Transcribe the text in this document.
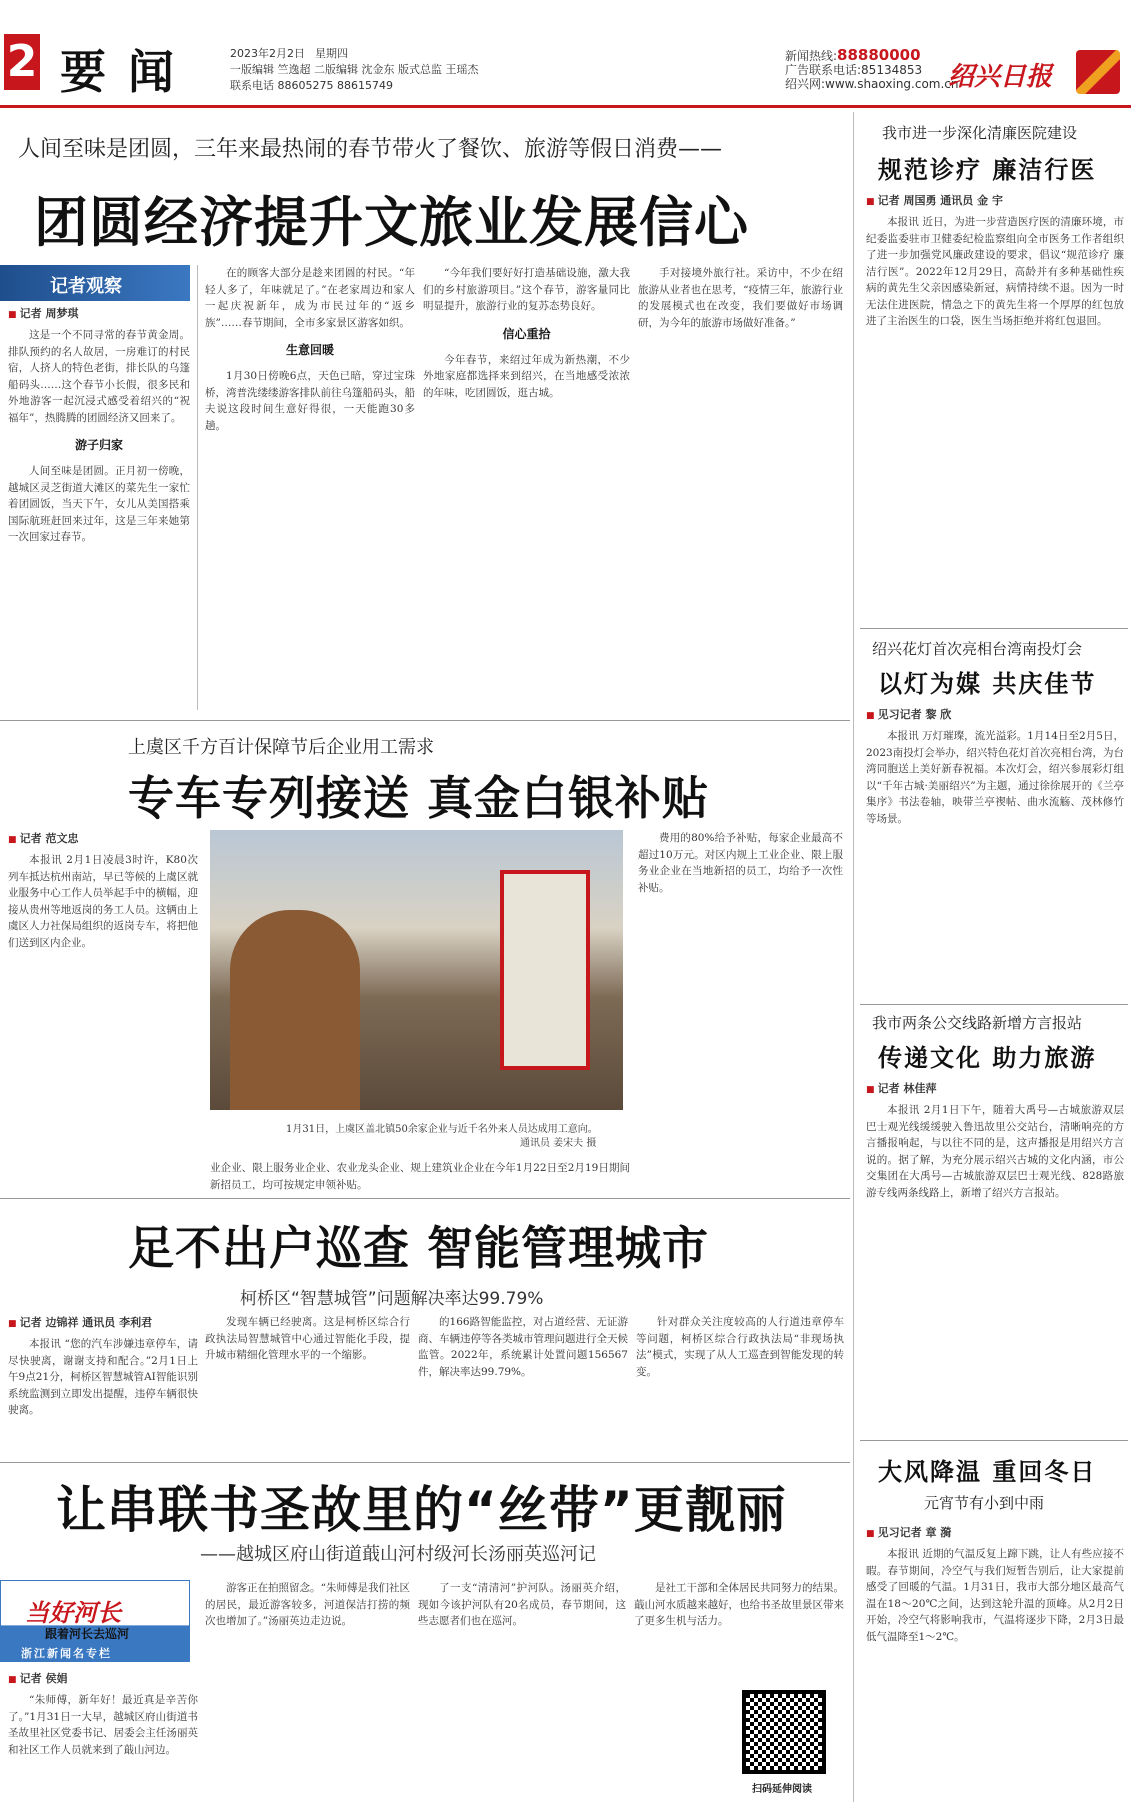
2 要闻	2023年2月2日 星期四
一版编辑 竺逸超 二版编辑 沈金东 版式总监 王瑶杰
联系电话 88605275 88615749
新闻热线:88880000
广告联系电话:85134853
绍兴网:www.shaoxing.com.cn
绍兴日报
人间至味是团圆，三年来最热闹的春节带火了餐饮、旅游等假日消费——
团圆经济提升文旅业发展信心
记者观察
■ 记者 周梦琪
这是一个不同寻常的春节黄金周。排队预约的名人故居，一房难订的村民宿，人挤人的特色老街，排长队的乌篷船码头……这个春节小长假，很多民和外地游客一起沉浸式感受着绍兴的“祝福年”，热腾腾的团圆经济又回来了。
游子归家
人间至味是团圆。正月初一傍晚，越城区灵芝街道大滩区的菜先生一家忙着团圆饭，当天下午，女儿从美国搭乘国际航班赶回来过年，这是三年来她第一次回家过春节。
在的顾客大部分是趁来团圆的村民。“年轻人多了，年味就足了。”在老家周边和家人一起庆祝新年，成为市民过年的“返乡族”……春节期间，全市多家景区游客如织。
生意回暖
1月30日傍晚6点，天色已暗，穿过宝珠桥，湾普洗缕缕游客排队前往乌篷船码头，船夫说这段时间生意好得很，一天能跑30多趟。
“今年我们要好好打造基础设施，激大我们的乡村旅游项目。”这个春节，游客量同比明显提升，旅游行业的复苏态势良好。
信心重拾
今年春节，来绍过年成为新热潮，不少外地家庭都选择来到绍兴，在当地感受浓浓的年味，吃团圆饭，逛古城。
手对接境外旅行社。采访中，不少在绍旅游从业者也在思考，“疫情三年，旅游行业的发展模式也在改变，我们要做好市场调研，为今年的旅游市场做好准备。”
上虞区千方百计保障节后企业用工需求
专车专列接送 真金白银补贴
■ 记者 范文忠
本报讯 2月1日凌晨3时许，K80次列车抵达杭州南站，早已等候的上虞区就业服务中心工作人员举起手中的横幅，迎接从贵州等地返岗的务工人员。这辆由上虞区人力社保局组织的返岗专车，将把他们送到区内企业。
1月31日，上虞区盖北镇50余家企业与近千名外来人员达成用工意向。
通讯员 姜宋夫 摄
业企业、限上服务业企业、农业龙头企业、规上建筑业企业在今年1月22日至2月19日期间新招员工，均可按规定申领补贴。
费用的80%给予补贴，每家企业最高不超过10万元。对区内规上工业企业、限上服务业企业在当地新招的员工，均给予一次性补贴。
足不出户巡查 智能管理城市
柯桥区“智慧城管”问题解决率达99.79%
■ 记者 边锦祥 通讯员 李利君
本报讯 “您的汽车涉嫌违章停车，请尽快驶离，谢谢支持和配合。”2月1日上午9点21分，柯桥区智慧城管AI智能识别系统监测到立即发出提醒，违停车辆很快驶离。
发现车辆已经驶离。这是柯桥区综合行政执法局智慧城管中心通过智能化手段，提升城市精细化管理水平的一个缩影。
的166路智能监控，对占道经营、无证游商、车辆违停等各类城市管理问题进行全天候监管。2022年，系统累计处置问题156567件，解决率达99.79%。
针对群众关注度较高的人行道违章停车等问题，柯桥区综合行政执法局“非现场执法”模式，实现了从人工巡查到智能发现的转变。
让串联书圣故里的“丝带”更靓丽
——越城区府山街道蕺山河村级河长汤丽英巡河记
当好河长
跟着河长去巡河
浙江新闻名专栏
■ 记者 侯娟
“朱师傅，新年好！最近真是辛苦你了。”1月31日一大早，越城区府山街道书圣故里社区党委书记、居委会主任汤丽英和社区工作人员就来到了蕺山河边。
游客正在拍照留念。“朱师傅是我们社区的居民，最近游客较多，河道保洁打捞的频次也增加了。”汤丽英边走边说。
了一支“清清河”护河队。汤丽英介绍，现如今该护河队有20名成员，春节期间，这些志愿者们也在巡河。
是社工干部和全体居民共同努力的结果。蕺山河水质越来越好，也给书圣故里景区带来了更多生机与活力。
扫码延伸阅读
我市进一步深化清廉医院建设
规范诊疗 廉洁行医
■ 记者 周国勇 通讯员 金 宇
本报讯 近日，为进一步营造医疗医的清廉环境，市纪委监委驻市卫健委纪检监察组向全市医务工作者组织了进一步加强党风廉政建设的要求，倡议“规范诊疗 廉洁行医”。2022年12月29日，高龄并有多种基础性疾病的黄先生父亲因感染新冠，病情持续不退。因为一时无法住进医院，情急之下的黄先生将一个厚厚的红包放进了主治医生的口袋，医生当场拒绝并将红包退回。
绍兴花灯首次亮相台湾南投灯会
以灯为媒 共庆佳节
■ 见习记者 黎 欣
本报讯 万灯璀璨，流光溢彩。1月14日至2月5日，2023南投灯会举办，绍兴特色花灯首次亮相台湾，为台湾同胞送上美好新春祝福。本次灯会，绍兴参展彩灯组以“千年古城·美丽绍兴”为主题，通过徐徐展开的《兰亭集序》书法卷轴，映带兰亭禊帖、曲水流觞、茂林修竹等场景。
我市两条公交线路新增方言报站
传递文化 助力旅游
■ 记者 林佳萍
本报讯 2月1日下午，随着大禹号—古城旅游双层巴士观光线缓缓驶入鲁迅故里公交站台，清晰响亮的方言播报响起，与以往不同的是，这声播报是用绍兴方言说的。据了解，为充分展示绍兴古城的文化内涵，市公交集团在大禹号—古城旅游双层巴士观光线、828路旅游专线两条线路上，新增了绍兴方言报站。
大风降温 重回冬日
元宵节有小到中雨
■ 见习记者 章 漪
本报讯 近期的气温反复上蹿下跳，让人有些应接不暇。春节期间，冷空气与我们短暂告别后，让大家提前感受了回暖的气温。1月31日，我市大部分地区最高气温在18～20℃之间，达到这轮升温的顶峰。从2月2日开始，冷空气将影响我市，气温将逐步下降，2月3日最低气温降至1～2℃。
